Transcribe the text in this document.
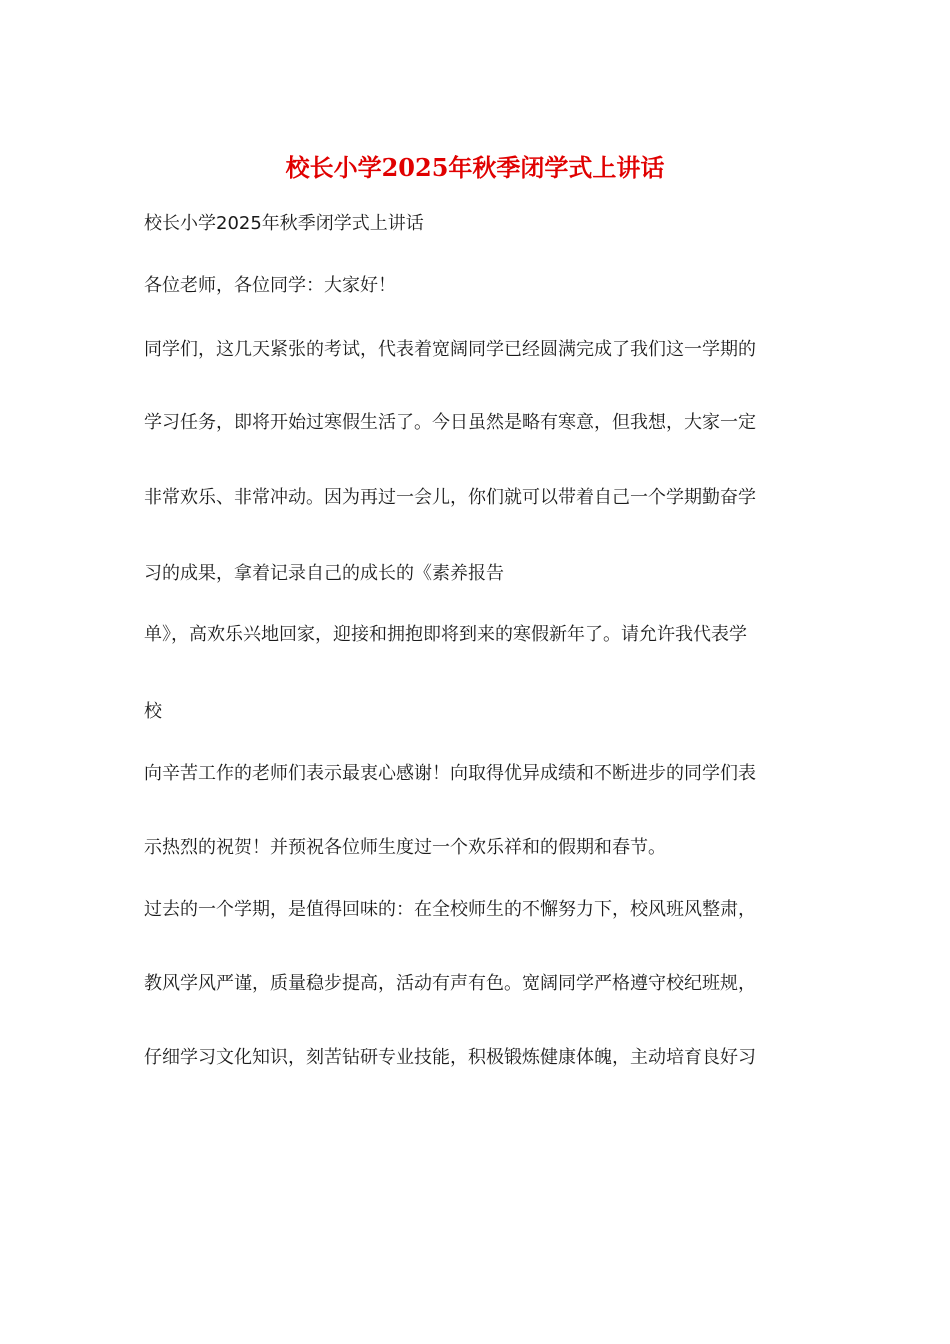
校长小学2025年秋季闭学式上讲话
校长小学2025年秋季闭学式上讲话
各位老师，各位同学：大家好！
同学们，这几天紧张的考试，代表着宽阔同学已经圆满完成了我们这一学期的
学习任务，即将开始过寒假生活了。今日虽然是略有寒意，但我想，大家一定
非常欢乐、非常冲动。因为再过一会儿，你们就可以带着自己一个学期勤奋学
习的成果，拿着记录自己的成长的《素养报告
单》，高欢乐兴地回家，迎接和拥抱即将到来的寒假新年了。请允许我代表学
校
向辛苦工作的老师们表示最衷心感谢！向取得优异成绩和不断进步的同学们表
示热烈的祝贺！并预祝各位师生度过一个欢乐祥和的假期和春节。
过去的一个学期，是值得回味的：在全校师生的不懈努力下，校风班风整肃，
教风学风严谨，质量稳步提高，活动有声有色。宽阔同学严格遵守校纪班规，
仔细学习文化知识，刻苦钻研专业技能，积极锻炼健康体魄，主动培育良好习
